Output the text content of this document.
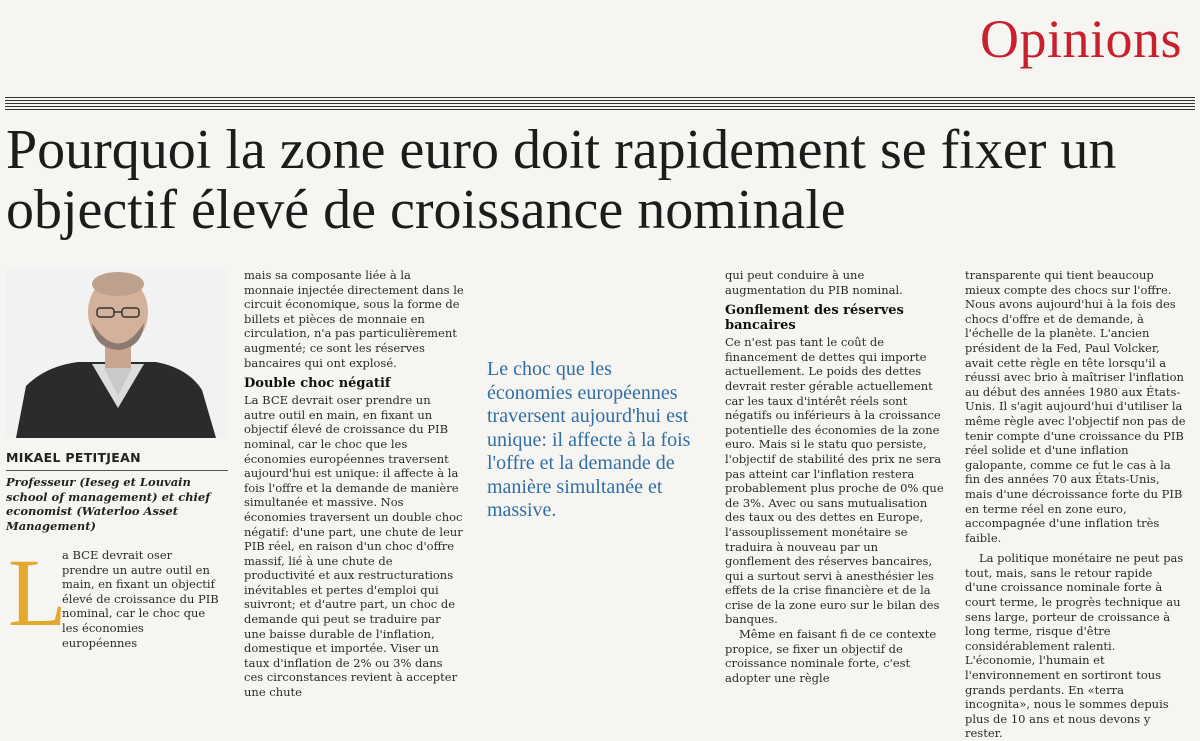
Opinions
Pourquoi la zone euro doit rapidement se fixer un objectif élevé de croissance nominale
MIKAEL PETITJEAN
Professeur (Ieseg et Louvain school of management) et chief economist (Waterloo Asset Management)
L

a BCE devrait oser prendre un autre outil en main, en fixant un objectif élevé de croissance du PIB nominal, car le choc que les économies européennes

mais sa composante liée à la monnaie injectée directement dans le circuit économique, sous la forme de billets et pièces de monnaie en circulation, n'a pas particulièrement augmenté; ce sont les réserves bancaires qui ont explosé.

Double choc négatif

La BCE devrait oser prendre un autre outil en main, en fixant un objectif élevé de croissance du PIB nominal, car le choc que les économies européennes traversent aujourd'hui est unique: il affecte à la fois l'offre et la demande de manière simultanée et massive. Nos économies traversent un double choc négatif: d'une part, une chute de leur PIB réel, en raison d'un choc d'offre massif, lié à une chute de productivité et aux restructurations inévitables et pertes d'emploi qui suivront; et d'autre part, un choc de demande qui peut se traduire par une baisse durable de l'inflation, domestique et importée. Viser un taux d'inflation de 2% ou 3% dans ces circonstances revient à accepter une chute

Le choc que les économies européennes traversent aujourd'hui est unique: il affecte à la fois l'offre et la demande de manière simultanée et massive.

qui peut conduire à une augmentation du PIB nominal.

Gonflement des réserves bancaires

Ce n'est pas tant le coût de financement de dettes qui importe actuellement. Le poids des dettes devrait rester gérable actuellement car les taux d'intérêt réels sont négatifs ou inférieurs à la croissance potentielle des économies de la zone euro. Mais si le statu quo persiste, l'objectif de stabilité des prix ne sera pas atteint car l'inflation restera probablement plus proche de 0% que de 3%. Avec ou sans mutualisation des taux ou des dettes en Europe, l'assouplissement monétaire se traduira à nouveau par un gonflement des réserves bancaires, qui a surtout servi à anesthésier les effets de la crise financière et de la crise de la zone euro sur le bilan des banques.

Même en faisant fi de ce contexte propice, se fixer un objectif de croissance nominale forte, c'est adopter une règle

transparente qui tient beaucoup mieux compte des chocs sur l'offre. Nous avons aujourd'hui à la fois des chocs d'offre et de demande, à l'échelle de la planète. L'ancien président de la Fed, Paul Volcker, avait cette règle en tête lorsqu'il a réussi avec brio à maîtriser l'inflation au début des années 1980 aux États-Unis. Il s'agit aujourd'hui d'utiliser la même règle avec l'objectif non pas de tenir compte d'une croissance du PIB réel solide et d'une inflation galopante, comme ce fut le cas à la fin des années 70 aux États-Unis, mais d'une décroissance forte du PIB en terme réel en zone euro, accompagnée d'une inflation très faible.

La politique monétaire ne peut pas tout, mais, sans le retour rapide d'une croissance nominale forte à court terme, le progrès technique au sens large, porteur de croissance à long terme, risque d'être considérablement ralenti. L'économie, l'humain et l'environnement en sortiront tous grands perdants. En «terra incognita», nous le sommes depuis plus de 10 ans et nous devons y rester.
